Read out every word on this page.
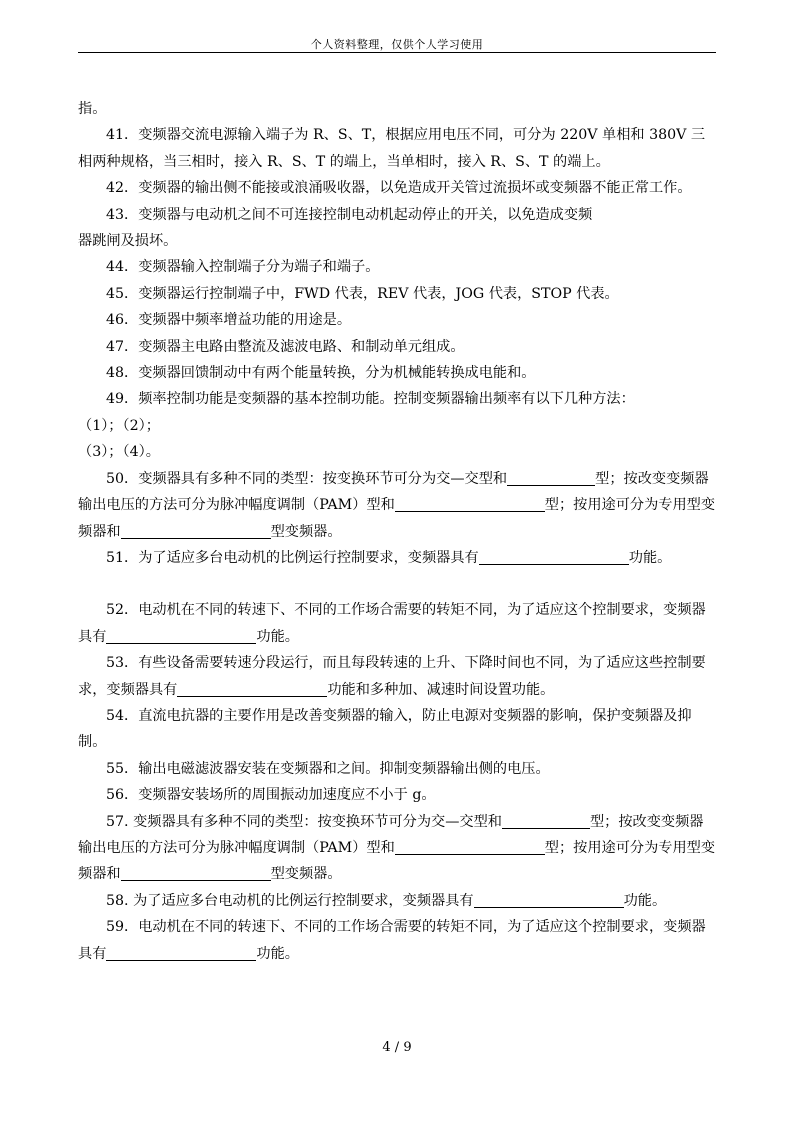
个人资料整理，仅供个人学习使用

指。

41．变频器交流电源输入端子为 R、S、T，根据应用电压不同，可分为 220V 单相和 380V 三相两种规格，当三相时，接入 R、S、T 的端上，当单相时，接入 R、S、T 的端上。

42．变频器的输出侧不能接或浪涌吸收器，以免造成开关管过流损坏或变频器不能正常工作。

43．变频器与电动机之间不可连接控制电动机起动停止的开关，以免造成变频

器跳闸及损坏。

44．变频器输入控制端子分为端子和端子。

45．变频器运行控制端子中，FWD 代表，REV 代表，JOG 代表，STOP 代表。

46．变频器中频率增益功能的用途是。

47．变频器主电路由整流及滤波电路、和制动单元组成。

48．变频器回馈制动中有两个能量转换，分为机械能转换成电能和。

49．频率控制功能是变频器的基本控制功能。控制变频器输出频率有以下几种方法：

（1）；（2）；

（3）；（4）。

50．变频器具有多种不同的类型：按变换环节可分为交—交型和	型；按改变变频器输出电压的方法可分为脉冲幅度调制（PAM）型和	型；按用途可分为专用型变频器和	型变频器。

51．为了适应多台电动机的比例运行控制要求，变频器具有	功能。

52．电动机在不同的转速下、不同的工作场合需要的转矩不同，为了适应这个控制要求，变频器具有	功能。

53．有些设备需要转速分段运行，而且每段转速的上升、下降时间也不同，为了适应这些控制要求，变频器具有	功能和多种加、减速时间设置功能。

54．直流电抗器的主要作用是改善变频器的输入，防止电源对变频器的影响，保护变频器及抑制。

55．输出电磁滤波器安装在变频器和之间。抑制变频器输出侧的电压。

56．变频器安装场所的周围振动加速度应不小于 g。

57. 变频器具有多种不同的类型：按变换环节可分为交—交型和	型；按改变变频器输出电压的方法可分为脉冲幅度调制（PAM）型和	型；按用途可分为专用型变频器和	型变频器。

58. 为了适应多台电动机的比例运行控制要求，变频器具有	功能。

59．电动机在不同的转速下、不同的工作场合需要的转矩不同，为了适应这个控制要求，变频器具有	功能。

4 / 9
